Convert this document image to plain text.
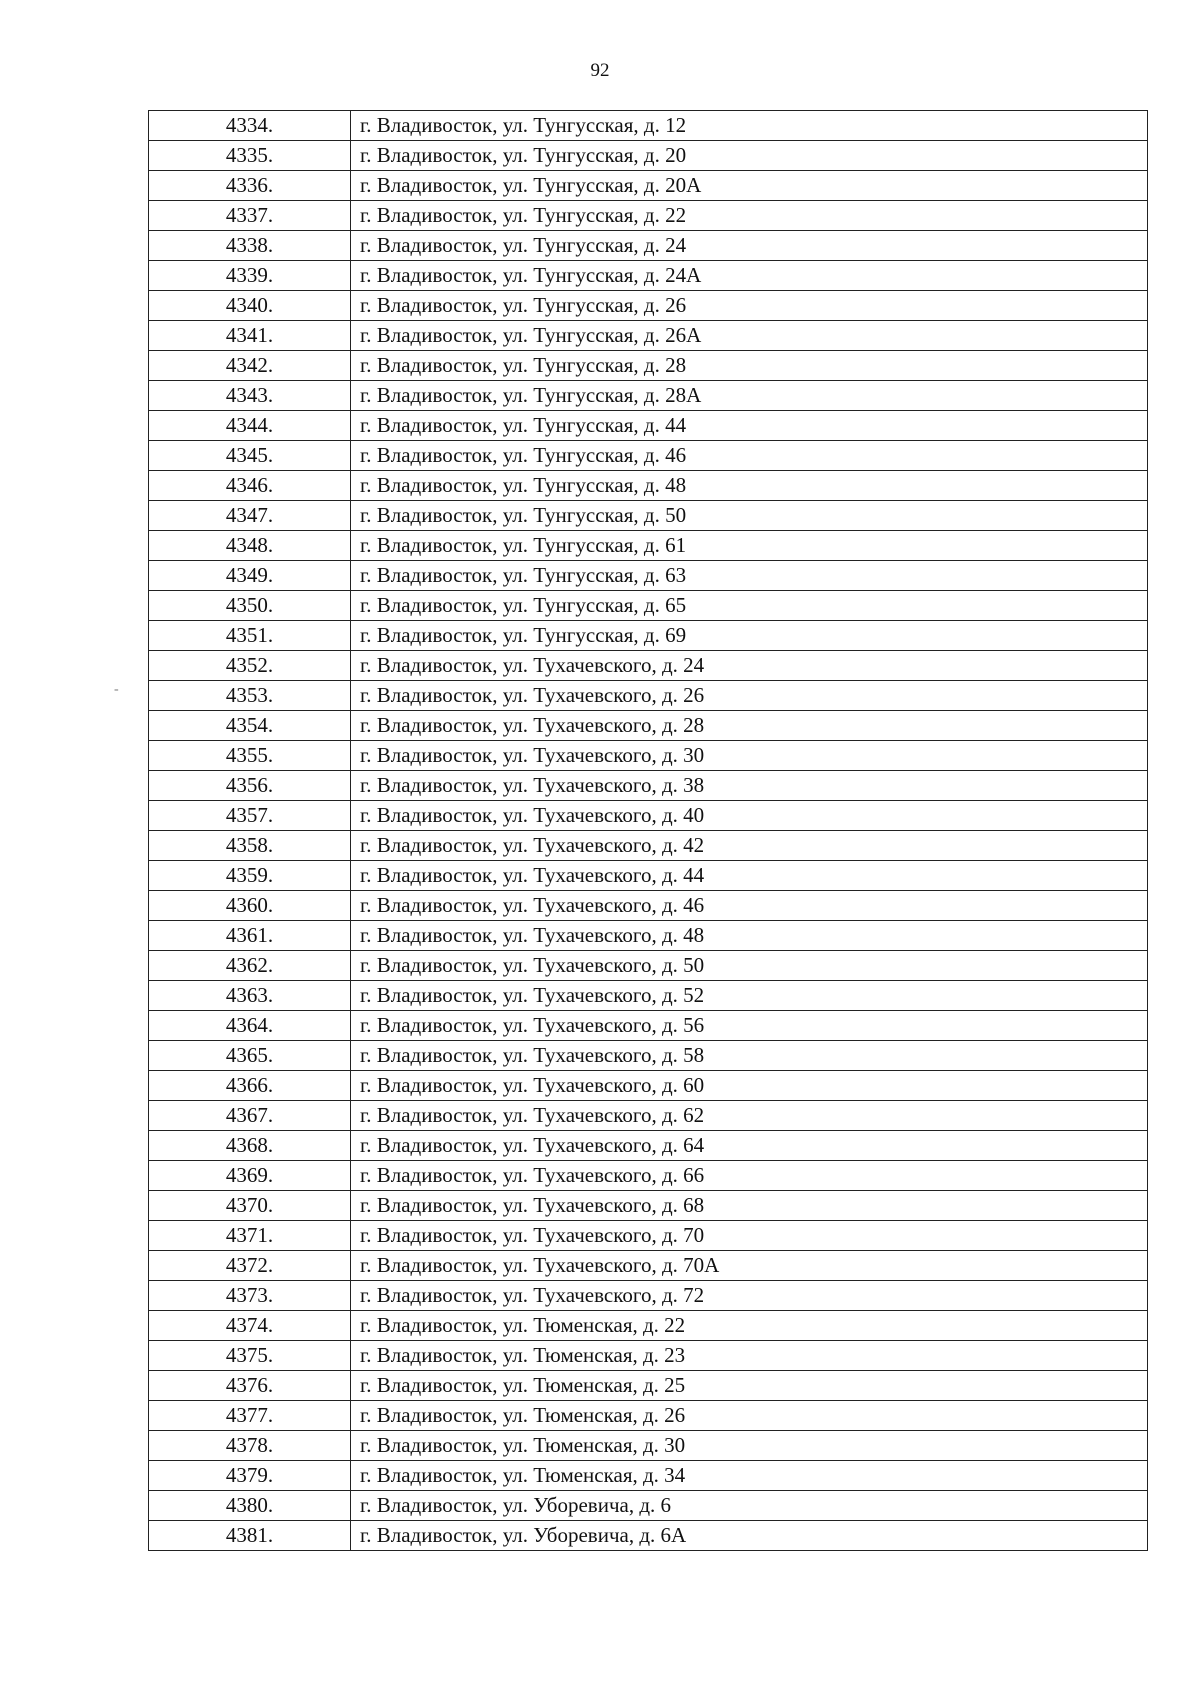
92
-
4334.	г. Владивосток, ул. Тунгусская, д. 12
4335.	г. Владивосток, ул. Тунгусская, д. 20
4336.	г. Владивосток, ул. Тунгусская, д. 20А
4337.	г. Владивосток, ул. Тунгусская, д. 22
4338.	г. Владивосток, ул. Тунгусская, д. 24
4339.	г. Владивосток, ул. Тунгусская, д. 24А
4340.	г. Владивосток, ул. Тунгусская, д. 26
4341.	г. Владивосток, ул. Тунгусская, д. 26А
4342.	г. Владивосток, ул. Тунгусская, д. 28
4343.	г. Владивосток, ул. Тунгусская, д. 28А
4344.	г. Владивосток, ул. Тунгусская, д. 44
4345.	г. Владивосток, ул. Тунгусская, д. 46
4346.	г. Владивосток, ул. Тунгусская, д. 48
4347.	г. Владивосток, ул. Тунгусская, д. 50
4348.	г. Владивосток, ул. Тунгусская, д. 61
4349.	г. Владивосток, ул. Тунгусская, д. 63
4350.	г. Владивосток, ул. Тунгусская, д. 65
4351.	г. Владивосток, ул. Тунгусская, д. 69
4352.	г. Владивосток, ул. Тухачевского, д. 24
4353.	г. Владивосток, ул. Тухачевского, д. 26
4354.	г. Владивосток, ул. Тухачевского, д. 28
4355.	г. Владивосток, ул. Тухачевского, д. 30
4356.	г. Владивосток, ул. Тухачевского, д. 38
4357.	г. Владивосток, ул. Тухачевского, д. 40
4358.	г. Владивосток, ул. Тухачевского, д. 42
4359.	г. Владивосток, ул. Тухачевского, д. 44
4360.	г. Владивосток, ул. Тухачевского, д. 46
4361.	г. Владивосток, ул. Тухачевского, д. 48
4362.	г. Владивосток, ул. Тухачевского, д. 50
4363.	г. Владивосток, ул. Тухачевского, д. 52
4364.	г. Владивосток, ул. Тухачевского, д. 56
4365.	г. Владивосток, ул. Тухачевского, д. 58
4366.	г. Владивосток, ул. Тухачевского, д. 60
4367.	г. Владивосток, ул. Тухачевского, д. 62
4368.	г. Владивосток, ул. Тухачевского, д. 64
4369.	г. Владивосток, ул. Тухачевского, д. 66
4370.	г. Владивосток, ул. Тухачевского, д. 68
4371.	г. Владивосток, ул. Тухачевского, д. 70
4372.	г. Владивосток, ул. Тухачевского, д. 70А
4373.	г. Владивосток, ул. Тухачевского, д. 72
4374.	г. Владивосток, ул. Тюменская, д. 22
4375.	г. Владивосток, ул. Тюменская, д. 23
4376.	г. Владивосток, ул. Тюменская, д. 25
4377.	г. Владивосток, ул. Тюменская, д. 26
4378.	г. Владивосток, ул. Тюменская, д. 30
4379.	г. Владивосток, ул. Тюменская, д. 34
4380.	г. Владивосток, ул. Уборевича, д. 6
4381.	г. Владивосток, ул. Уборевича, д. 6А
